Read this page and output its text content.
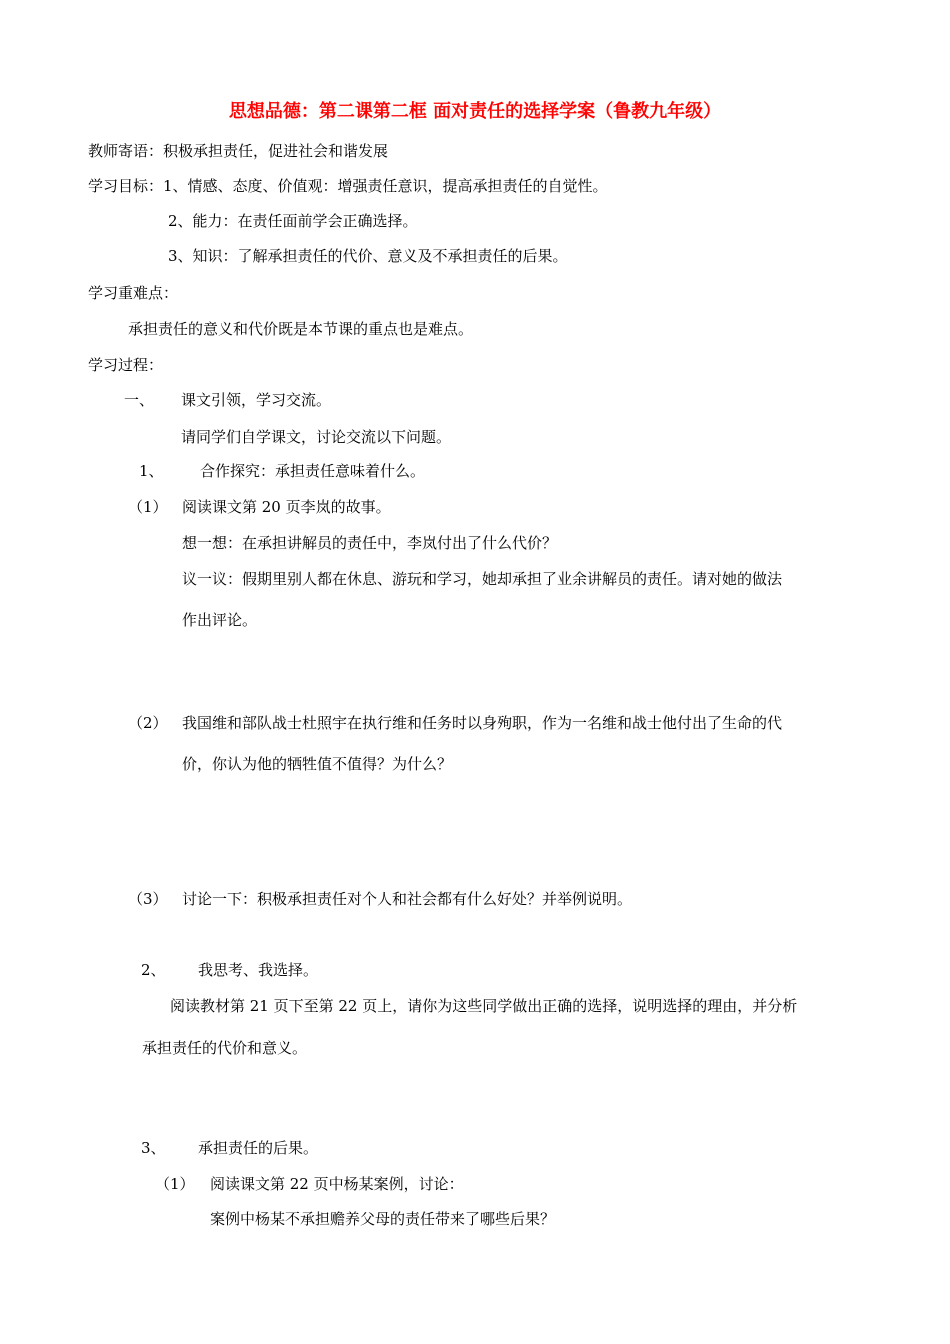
思想品德：第二课第二框 面对责任的选择学案（鲁教九年级）
教师寄语：积极承担责任，促进社会和谐发展
学习目标：1、情感、态度、价值观：增强责任意识，提高承担责任的自觉性。
2、能力：在责任面前学会正确选择。
3、知识：了解承担责任的代价、意义及不承担责任的后果。
学习重难点：
承担责任的意义和代价既是本节课的重点也是难点。
学习过程：
一、 课文引领，学习交流。
请同学们自学课文，讨论交流以下问题。
1、 合作探究：承担责任意味着什么。
（1） 阅读课文第 20 页李岚的故事。
想一想：在承担讲解员的责任中，李岚付出了什么代价？
议一议：假期里别人都在休息、游玩和学习，她却承担了业余讲解员的责任。请对她的做法
作出评论。
（2） 我国维和部队战士杜照宇在执行维和任务时以身殉职，作为一名维和战士他付出了生命的代
价，你认为他的牺牲值不值得？为什么？
（3） 讨论一下：积极承担责任对个人和社会都有什么好处？并举例说明。
2、 我思考、我选择。
阅读教材第 21 页下至第 22 页上，请你为这些同学做出正确的选择，说明选择的理由，并分析
承担责任的代价和意义。
3、 承担责任的后果。
（1） 阅读课文第 22 页中杨某案例，讨论：
案例中杨某不承担赡养父母的责任带来了哪些后果？
